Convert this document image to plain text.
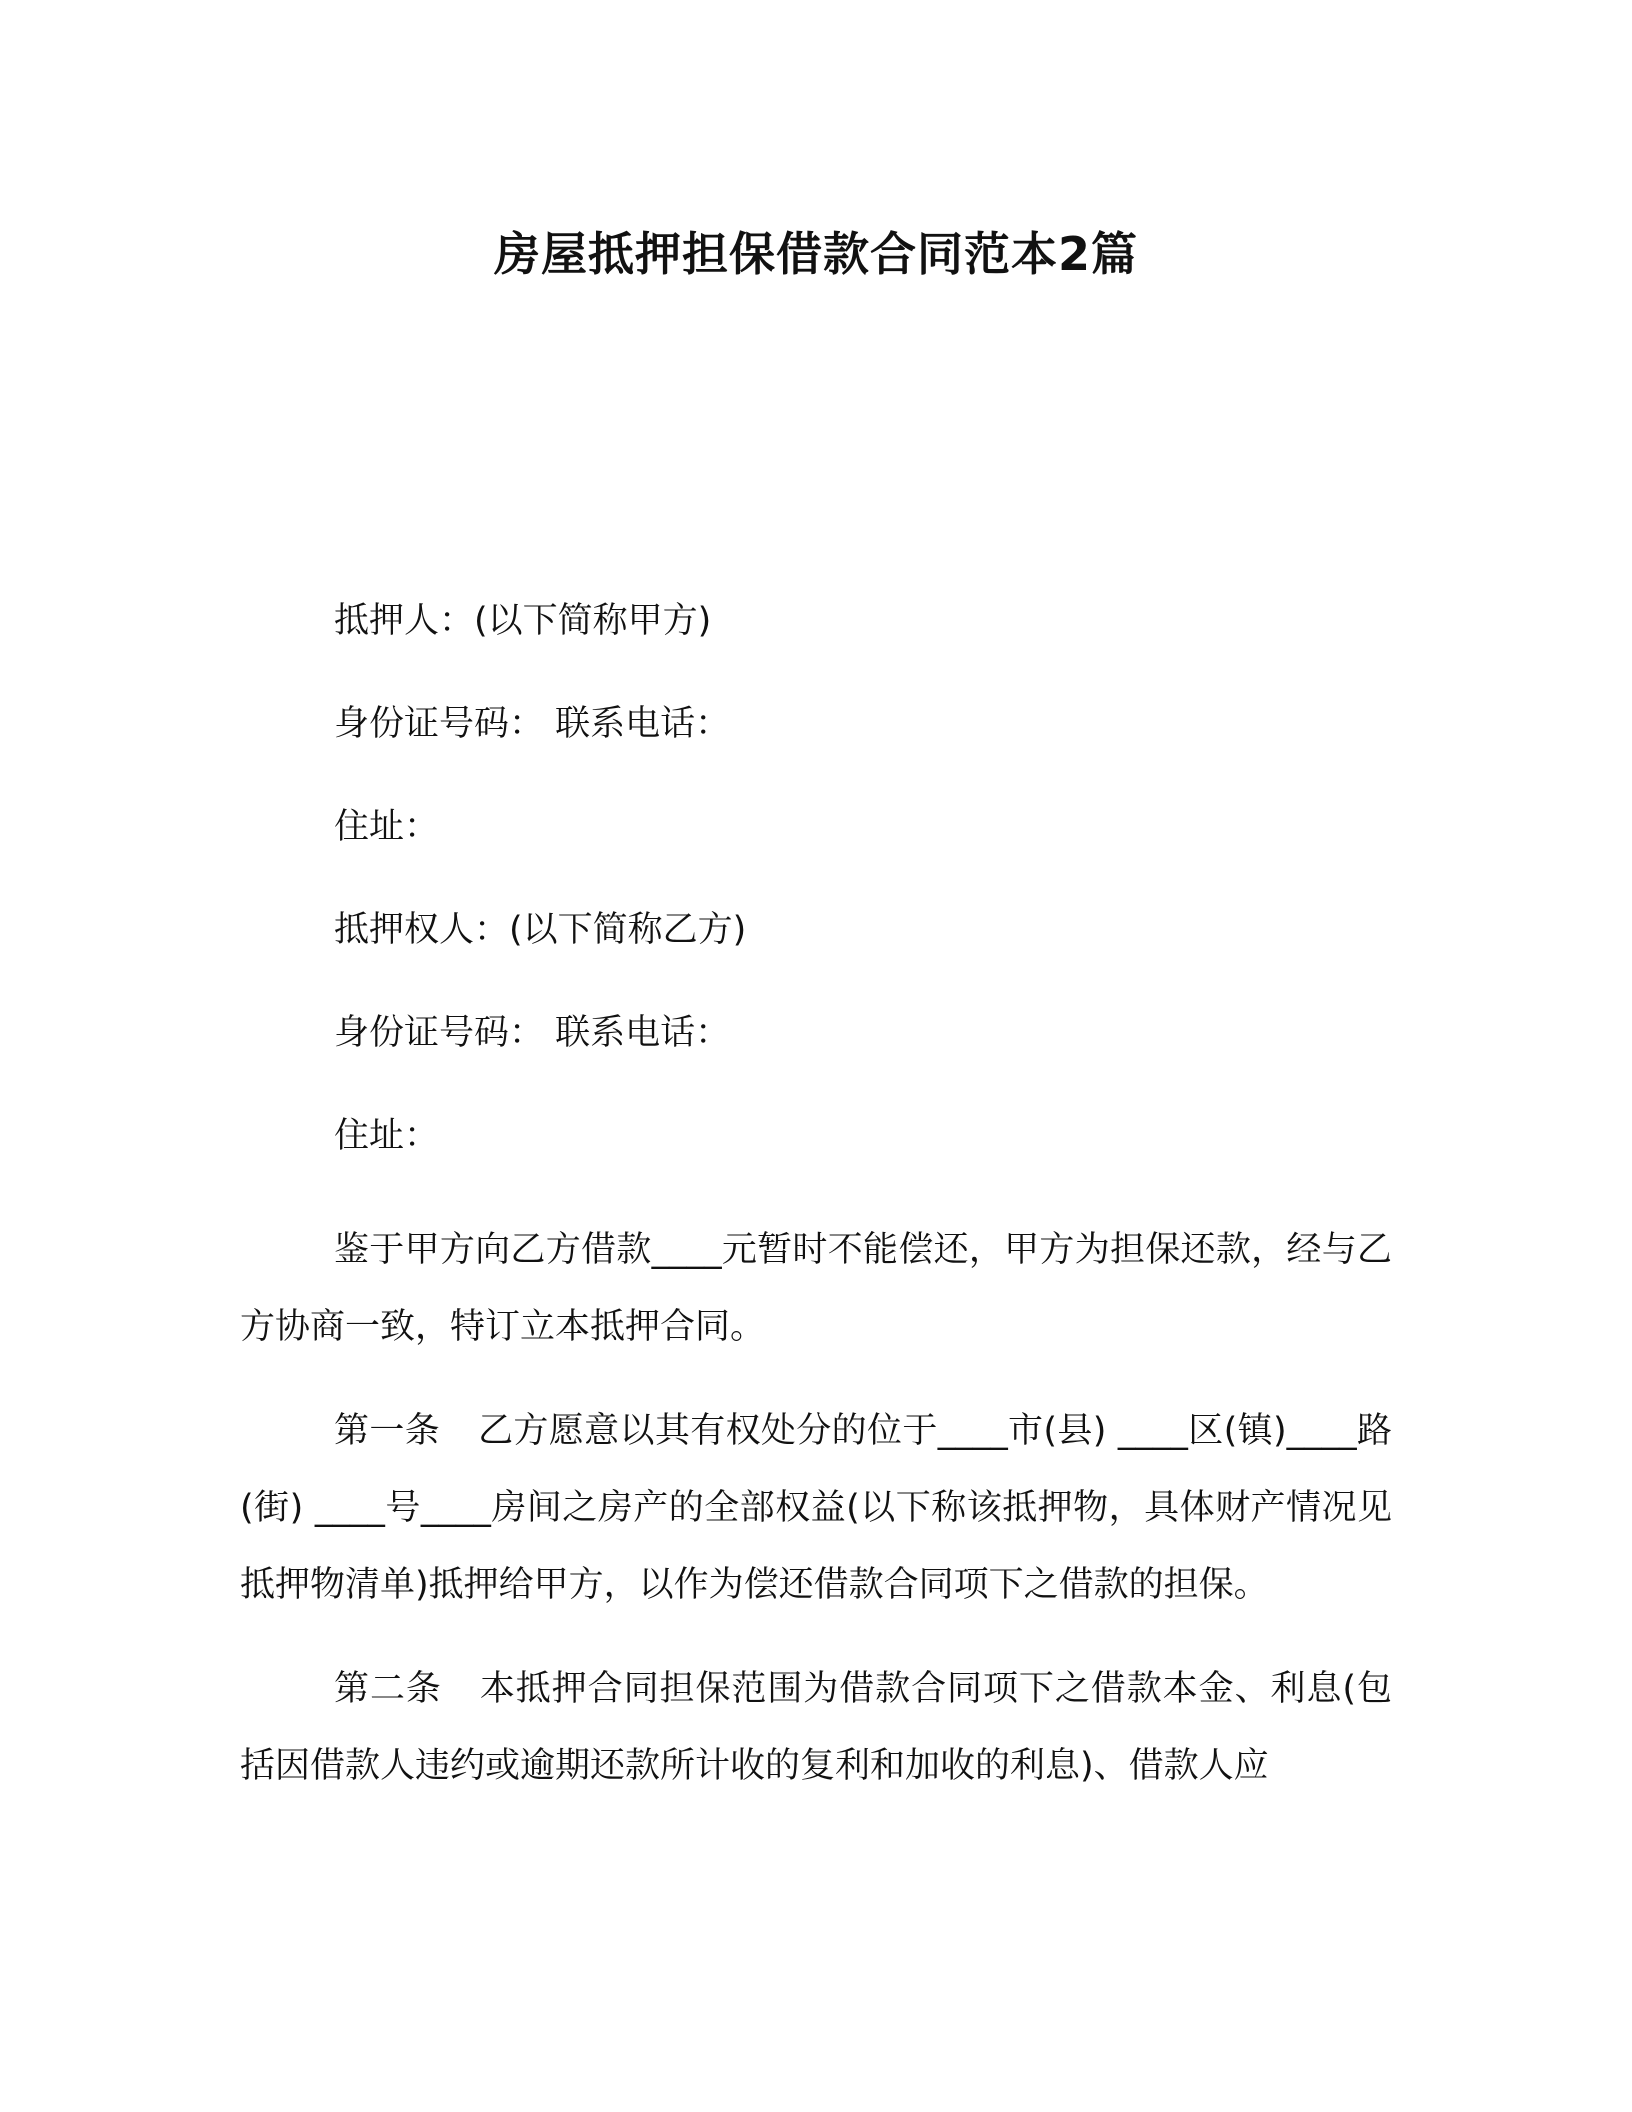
房屋抵押担保借款合同范本2篇

抵押人：(以下简称甲方)

身份证号码： 联系电话：

住址：

抵押权人：(以下简称乙方)

身份证号码： 联系电话：

住址：

鉴于甲方向乙方借款____元暂时不能偿还，甲方为担保还款，经与乙方协商一致，特订立本抵押合同。

第一条 乙方愿意以其有权处分的位于____市(县) ____区(镇)____路(街) ____号____房间之房产的全部权益(以下称该抵押物，具体财产情况见抵押物清单)抵押给甲方，以作为偿还借款合同项下之借款的担保。

第二条 本抵押合同担保范围为借款合同项下之借款本金、利息(包括因借款人违约或逾期还款所计收的复利和加收的利息)、借款人应
